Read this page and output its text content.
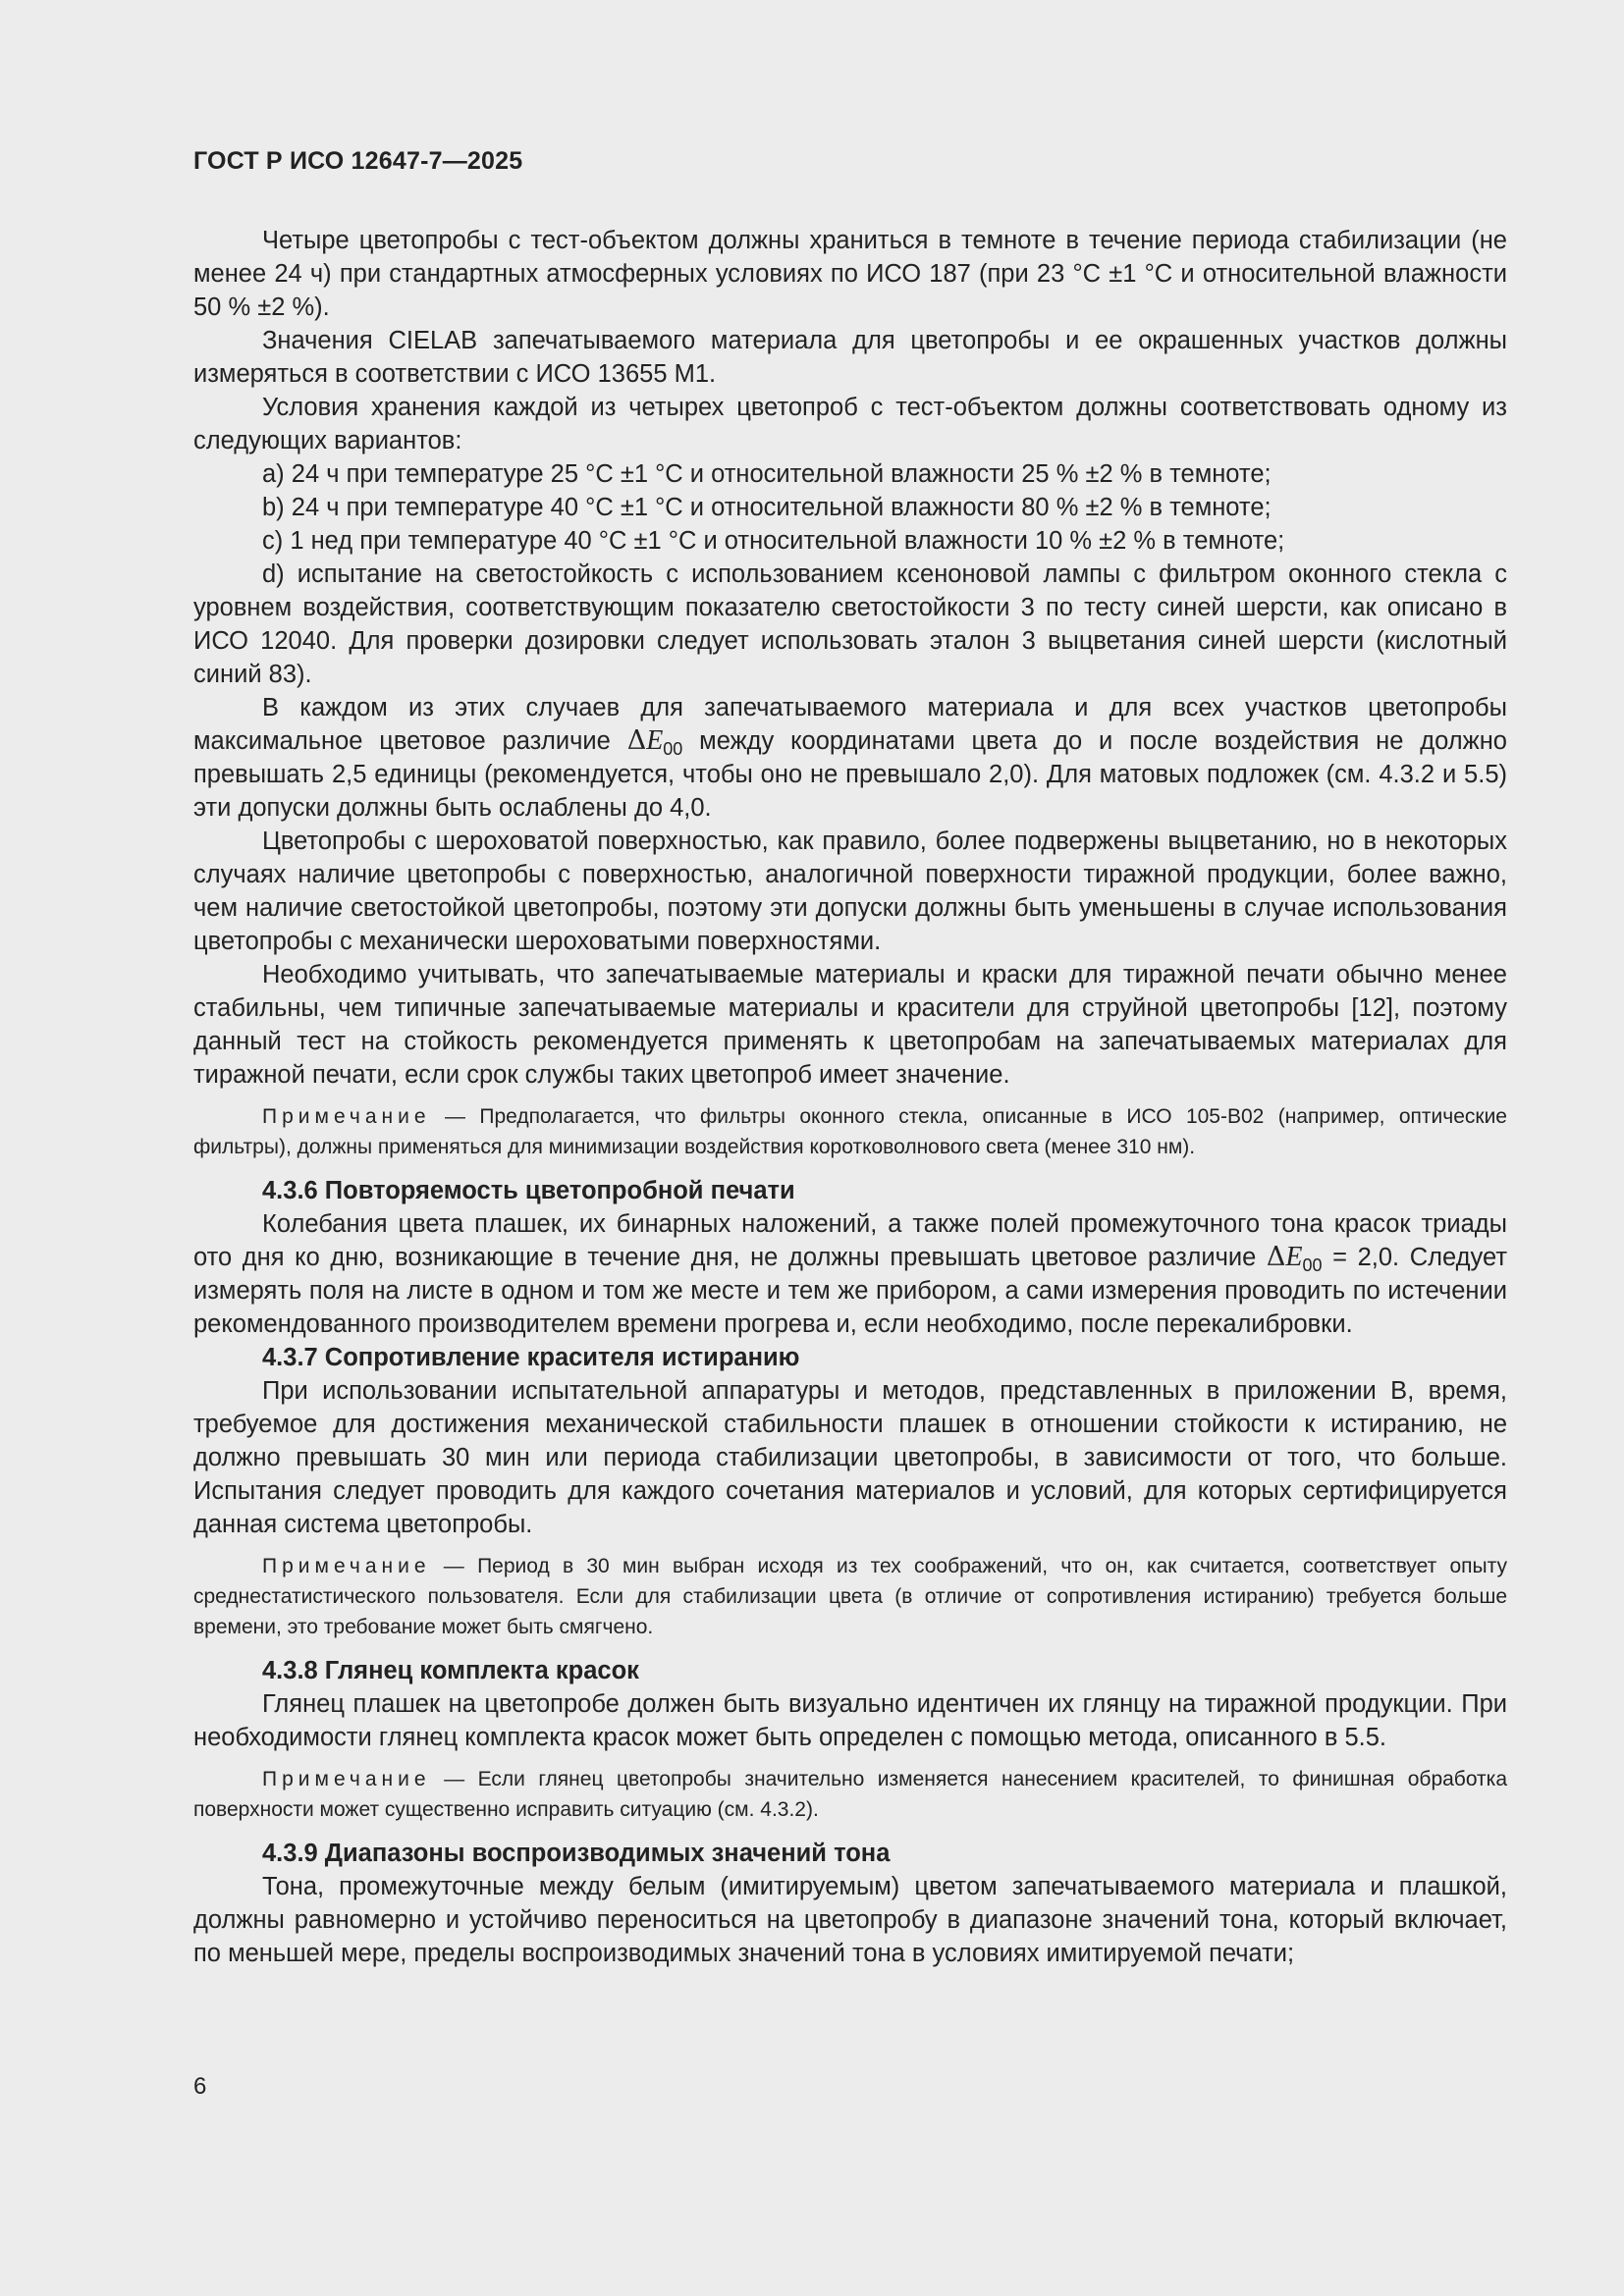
ГОСТ Р ИСО 12647-7—2025

Четыре цветопробы с тест-объектом должны храниться в темноте в течение периода стабилизации (не менее 24 ч) при стандартных атмосферных условиях по ИСО 187 (при 23 °C ±1 °C и относительной влажности 50 % ±2 %).

Значения CIELAB запечатываемого материала для цветопробы и ее окрашенных участков должны измеряться в соответствии с ИСО 13655 M1.

Условия хранения каждой из четырех цветопроб с тест-объектом должны соответствовать одному из следующих вариантов:

a) 24 ч при температуре 25 °C ±1 °C и относительной влажности 25 % ±2 % в темноте;

b) 24 ч при температуре 40 °C ±1 °C и относительной влажности 80 % ±2 % в темноте;

c) 1 нед при температуре 40 °C ±1 °C и относительной влажности 10 % ±2 % в темноте;

d) испытание на светостойкость с использованием ксеноновой лампы с фильтром оконного стекла с уровнем воздействия, соответствующим показателю светостойкости 3 по тесту синей шерсти, как описано в ИСО 12040. Для проверки дозировки следует использовать эталон 3 выцветания синей шерсти (кислотный синий 83).

В каждом из этих случаев для запечатываемого материала и для всех участков цветопробы максимальное цветовое различие $\Delta E_{00}$ между координатами цвета до и после воздействия не должно превышать 2,5 единицы (рекомендуется, чтобы оно не превышало 2,0). Для матовых подложек (см. 4.3.2 и 5.5) эти допуски должны быть ослаблены до 4,0.

Цветопробы с шероховатой поверхностью, как правило, более подвержены выцветанию, но в некоторых случаях наличие цветопробы с поверхностью, аналогичной поверхности тиражной продукции, более важно, чем наличие светостойкой цветопробы, поэтому эти допуски должны быть уменьшены в случае использования цветопробы с механически шероховатыми поверхностями.

Необходимо учитывать, что запечатываемые материалы и краски для тиражной печати обычно менее стабильны, чем типичные запечатываемые материалы и красители для струйной цветопробы [12], поэтому данный тест на стойкость рекомендуется применять к цветопробам на запечатываемых материалах для тиражной печати, если срок службы таких цветопроб имеет значение.

Примечание — Предполагается, что фильтры оконного стекла, описанные в ИСО 105-B02 (например, оптические фильтры), должны применяться для минимизации воздействия коротковолнового света (менее 310 нм).

4.3.6 Повторяемость цветопробной печати

Колебания цвета плашек, их бинарных наложений, а также полей промежуточного тона красок триады ото дня ко дню, возникающие в течение дня, не должны превышать цветовое различие $\Delta E_{00} = 2,0$. Следует измерять поля на листе в одном и том же месте и тем же прибором, а сами измерения проводить по истечении рекомендованного производителем времени прогрева и, если необходимо, после перекалибровки.

4.3.7 Сопротивление красителя истиранию

При использовании испытательной аппаратуры и методов, представленных в приложении B, время, требуемое для достижения механической стабильности плашек в отношении стойкости к истиранию, не должно превышать 30 мин или периода стабилизации цветопробы, в зависимости от того, что больше. Испытания следует проводить для каждого сочетания материалов и условий, для которых сертифицируется данная система цветопробы.

Примечание — Период в 30 мин выбран исходя из тех соображений, что он, как считается, соответствует опыту среднестатистического пользователя. Если для стабилизации цвета (в отличие от сопротивления истиранию) требуется больше времени, это требование может быть смягчено.

4.3.8 Глянец комплекта красок

Глянец плашек на цветопробе должен быть визуально идентичен их глянцу на тиражной продукции. При необходимости глянец комплекта красок может быть определен с помощью метода, описанного в 5.5.

Примечание — Если глянец цветопробы значительно изменяется нанесением красителей, то финишная обработка поверхности может существенно исправить ситуацию (см. 4.3.2).

4.3.9 Диапазоны воспроизводимых значений тона

Тона, промежуточные между белым (имитируемым) цветом запечатываемого материала и плашкой, должны равномерно и устойчиво переноситься на цветопробу в диапазоне значений тона, который включает, по меньшей мере, пределы воспроизводимых значений тона в условиях имитируемой печати;

6
